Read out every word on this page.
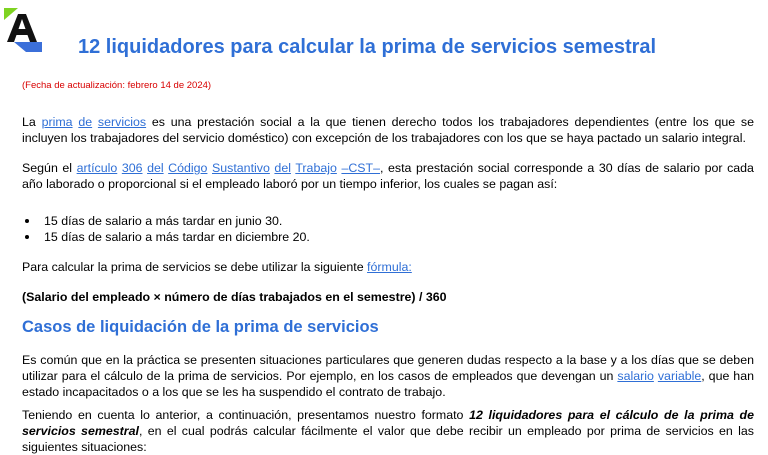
12 liquidadores para calcular la prima de servicios semestral
(Fecha de actualización: febrero 14 de 2024)

La prima de servicios es una prestación social a la que tienen derecho todos los trabajadores dependientes (entre los que se incluyen los trabajadores del servicio doméstico) con excepción de los trabajadores con los que se haya pactado un salario integral.

Según el artículo 306 del Código Sustantivo del Trabajo –CST–, esta prestación social corresponde a 30 días de salario por cada año laborado o proporcional si el empleado laboró por un tiempo inferior, los cuales se pagan así:

15 días de salario a más tardar en junio 30.
15 días de salario a más tardar en diciembre 20.

Para calcular la prima de servicios se debe utilizar la siguiente fórmula:

(Salario del empleado × número de días trabajados en el semestre) / 360
Casos de liquidación de la prima de servicios

Es común que en la práctica se presenten situaciones particulares que generen dudas respecto a la base y a los días que se deben utilizar para el cálculo de la prima de servicios. Por ejemplo, en los casos de empleados que devengan un salario variable, que han estado incapacitados o a los que se les ha suspendido el contrato de trabajo.

Teniendo en cuenta lo anterior, a continuación, presentamos nuestro formato 12 liquidadores para el cálculo de la prima de servicios semestral, en el cual podrás calcular fácilmente el valor que debe recibir un empleado por prima de servicios en las siguientes situaciones:
